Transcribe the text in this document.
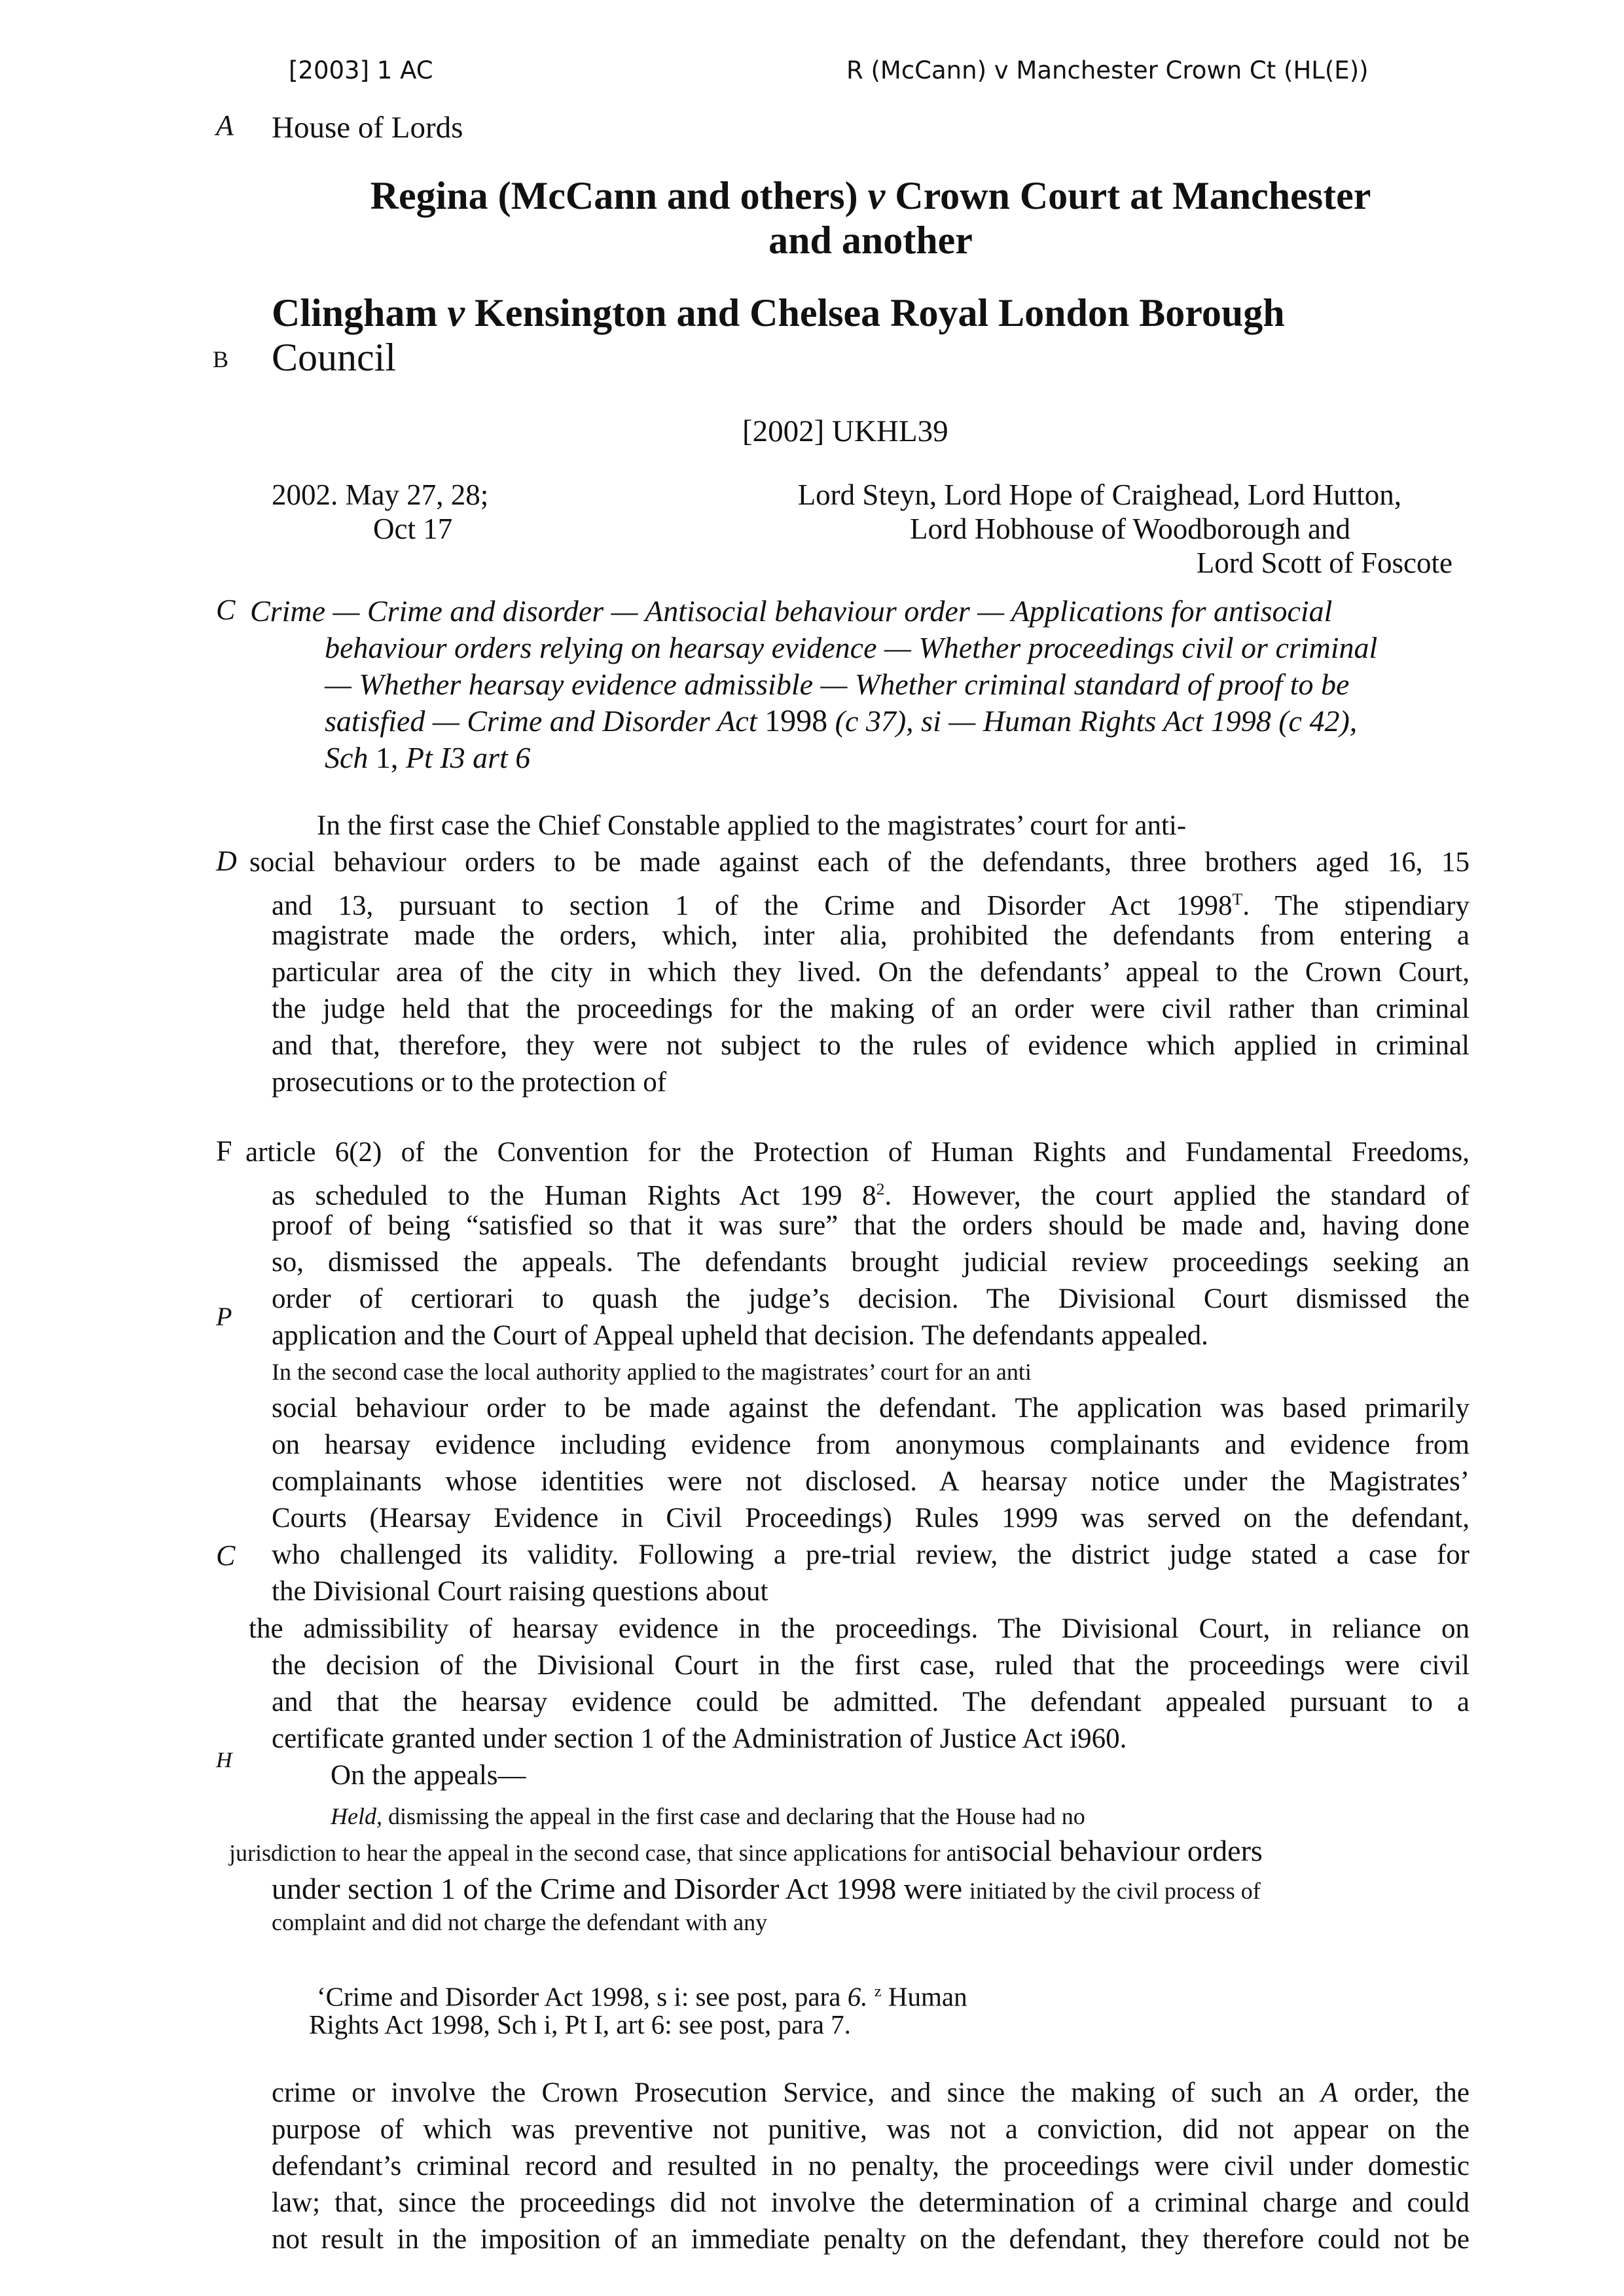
[2003] 1 AC	R (McCann) v Manchester Crown Ct (HL(E))
A
B
C
D
F
P
C
H
House of Lords
Regina (McCann and others) v Crown Court at Manchester
and another
Clingham v Kensington and Chelsea Royal London Borough
Council
[2002] UKHL39
2002. May 27, 28;
Oct 17
Lord Steyn, Lord Hope of Craighead, Lord Hutton,
Lord Hobhouse of Woodborough and
Lord Scott of Foscote
Crime — Crime and disorder — Antisocial behaviour order — Applications for antisocial
behaviour orders relying on hearsay evidence — Whether proceedings civil or criminal
— Whether hearsay evidence admissible — Whether criminal standard of proof to be
satisfied — Crime and Disorder Act 1998 (c 37), si — Human Rights Act 1998 (c 42),
Sch 1, Pt I3 art 6
In the first case the Chief Constable applied to the magistrates’ court for anti-
social behaviour orders to be made against each of the defendants, three brothers aged 16, 15
and 13, pursuant to section 1 of the Crime and Disorder Act $1998^T$. The stipendiary
magistrate made the orders, which, inter alia, prohibited the defendants from entering a
particular area of the city in which they lived. On the defendants’ appeal to the Crown Court,
the judge held that the proceedings for the making of an order were civil rather than criminal
and that, therefore, they were not subject to the rules of evidence which applied in criminal
prosecutions or to the protection of
article 6(2) of the Convention for the Protection of Human Rights and Fundamental Freedoms,
as scheduled to the Human Rights Act 199 $8^2$. However, the court applied the standard of
proof of being “satisfied so that it was sure” that the orders should be made and, having done
so, dismissed the appeals. The defendants brought judicial review proceedings seeking an
order of certiorari to quash the judge’s decision. The Divisional Court dismissed the
application and the Court of Appeal upheld that decision. The defendants appealed.
In the second case the local authority applied to the magistrates’ court for an anti
social behaviour order to be made against the defendant. The application was based primarily
on hearsay evidence including evidence from anonymous complainants and evidence from
complainants whose identities were not disclosed. A hearsay notice under the Magistrates’
Courts (Hearsay Evidence in Civil Proceedings) Rules 1999 was served on the defendant,
who challenged its validity. Following a pre-trial review, the district judge stated a case for
the Divisional Court raising questions about
the admissibility of hearsay evidence in the proceedings. The Divisional Court, in reliance on
the decision of the Divisional Court in the first case, ruled that the proceedings were civil
and that the hearsay evidence could be admitted. The defendant appealed pursuant to a
certificate granted under section 1 of the Administration of Justice Act i960.
On the appeals—
Held, dismissing the appeal in the first case and declaring that the House had no
jurisdiction to hear the appeal in the second case, that since applications for antisocial behaviour orders
under section 1 of the Crime and Disorder Act 1998 were initiated by the civil process of
complaint and did not charge the defendant with any
‘Crime and Disorder Act 1998, s i: see post, para 6. $^z$ Human
Rights Act 1998, Sch i, Pt I, art 6: see post, para 7.
crime or involve the Crown Prosecution Service, and since the making of such an A order, the
purpose of which was preventive not punitive, was not a conviction, did not appear on the
defendant’s criminal record and resulted in no penalty, the proceedings were civil under domestic
law; that, since the proceedings did not involve the determination of a criminal charge and could
not result in the imposition of an immediate penalty on the defendant, they therefore could not be
